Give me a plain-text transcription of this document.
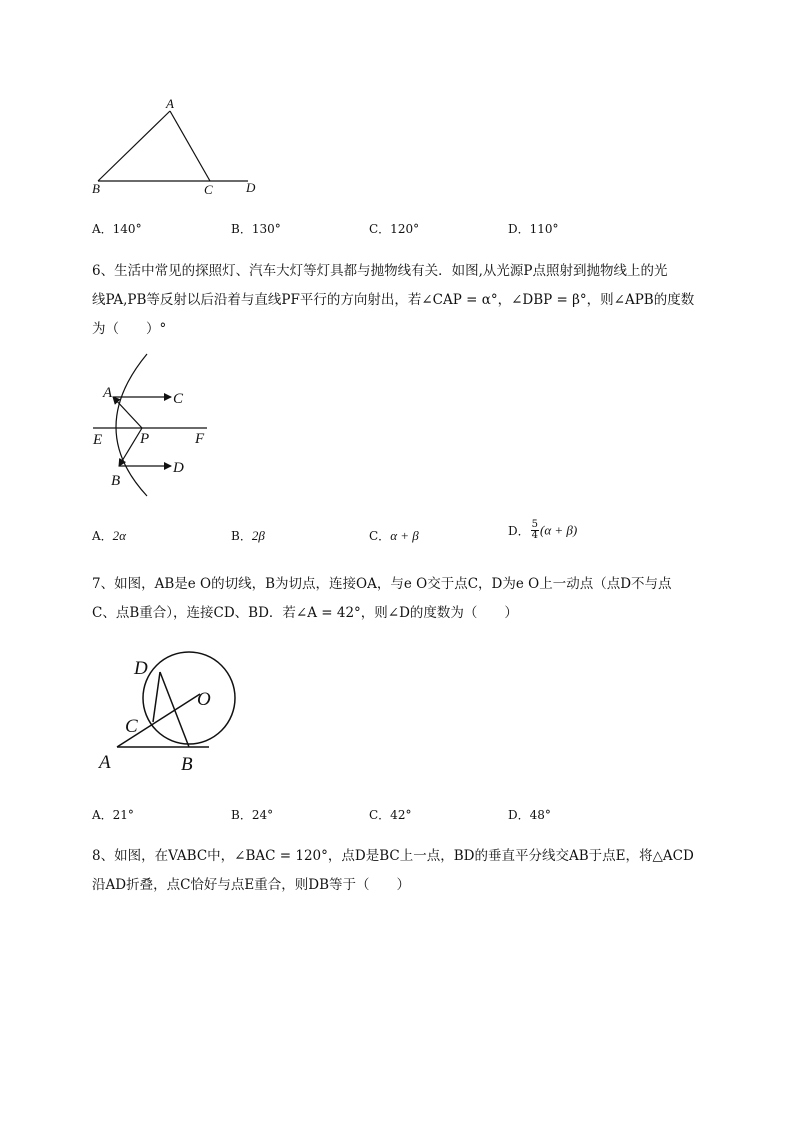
A
B	C	D
A．140°	B．130°	C．120°	D．110°
6、生活中常见的探照灯、汽车大灯等灯具都与抛物线有关．如图,从光源P点照射到抛物线上的光
线PA,PB等反射以后沿着与直线PF平行的方向射出，若∠CAP = α°，∠DBP = β°，则∠APB的度数
为（　　）°
A	C
E	P	F
B
D
A．2α	B．2β	C．α + β	D． $\frac{5}{4} (\alpha + \beta)$
7、如图，AB是e O的切线，B为切点，连接OA，与e O交于点C，D为e O上一动点（点D不与点
C、点B重合），连接CD、BD．若∠A = 42°，则∠D的度数为（　　）
D
O
C
A	B
A．21°	B．24°	C．42°	D．48°
8、如图，在VABC中，∠BAC = 120°，点D是BC上一点，BD的垂直平分线交AB于点E，将△ACD
沿AD折叠，点C恰好与点E重合，则DB等于（　　）
